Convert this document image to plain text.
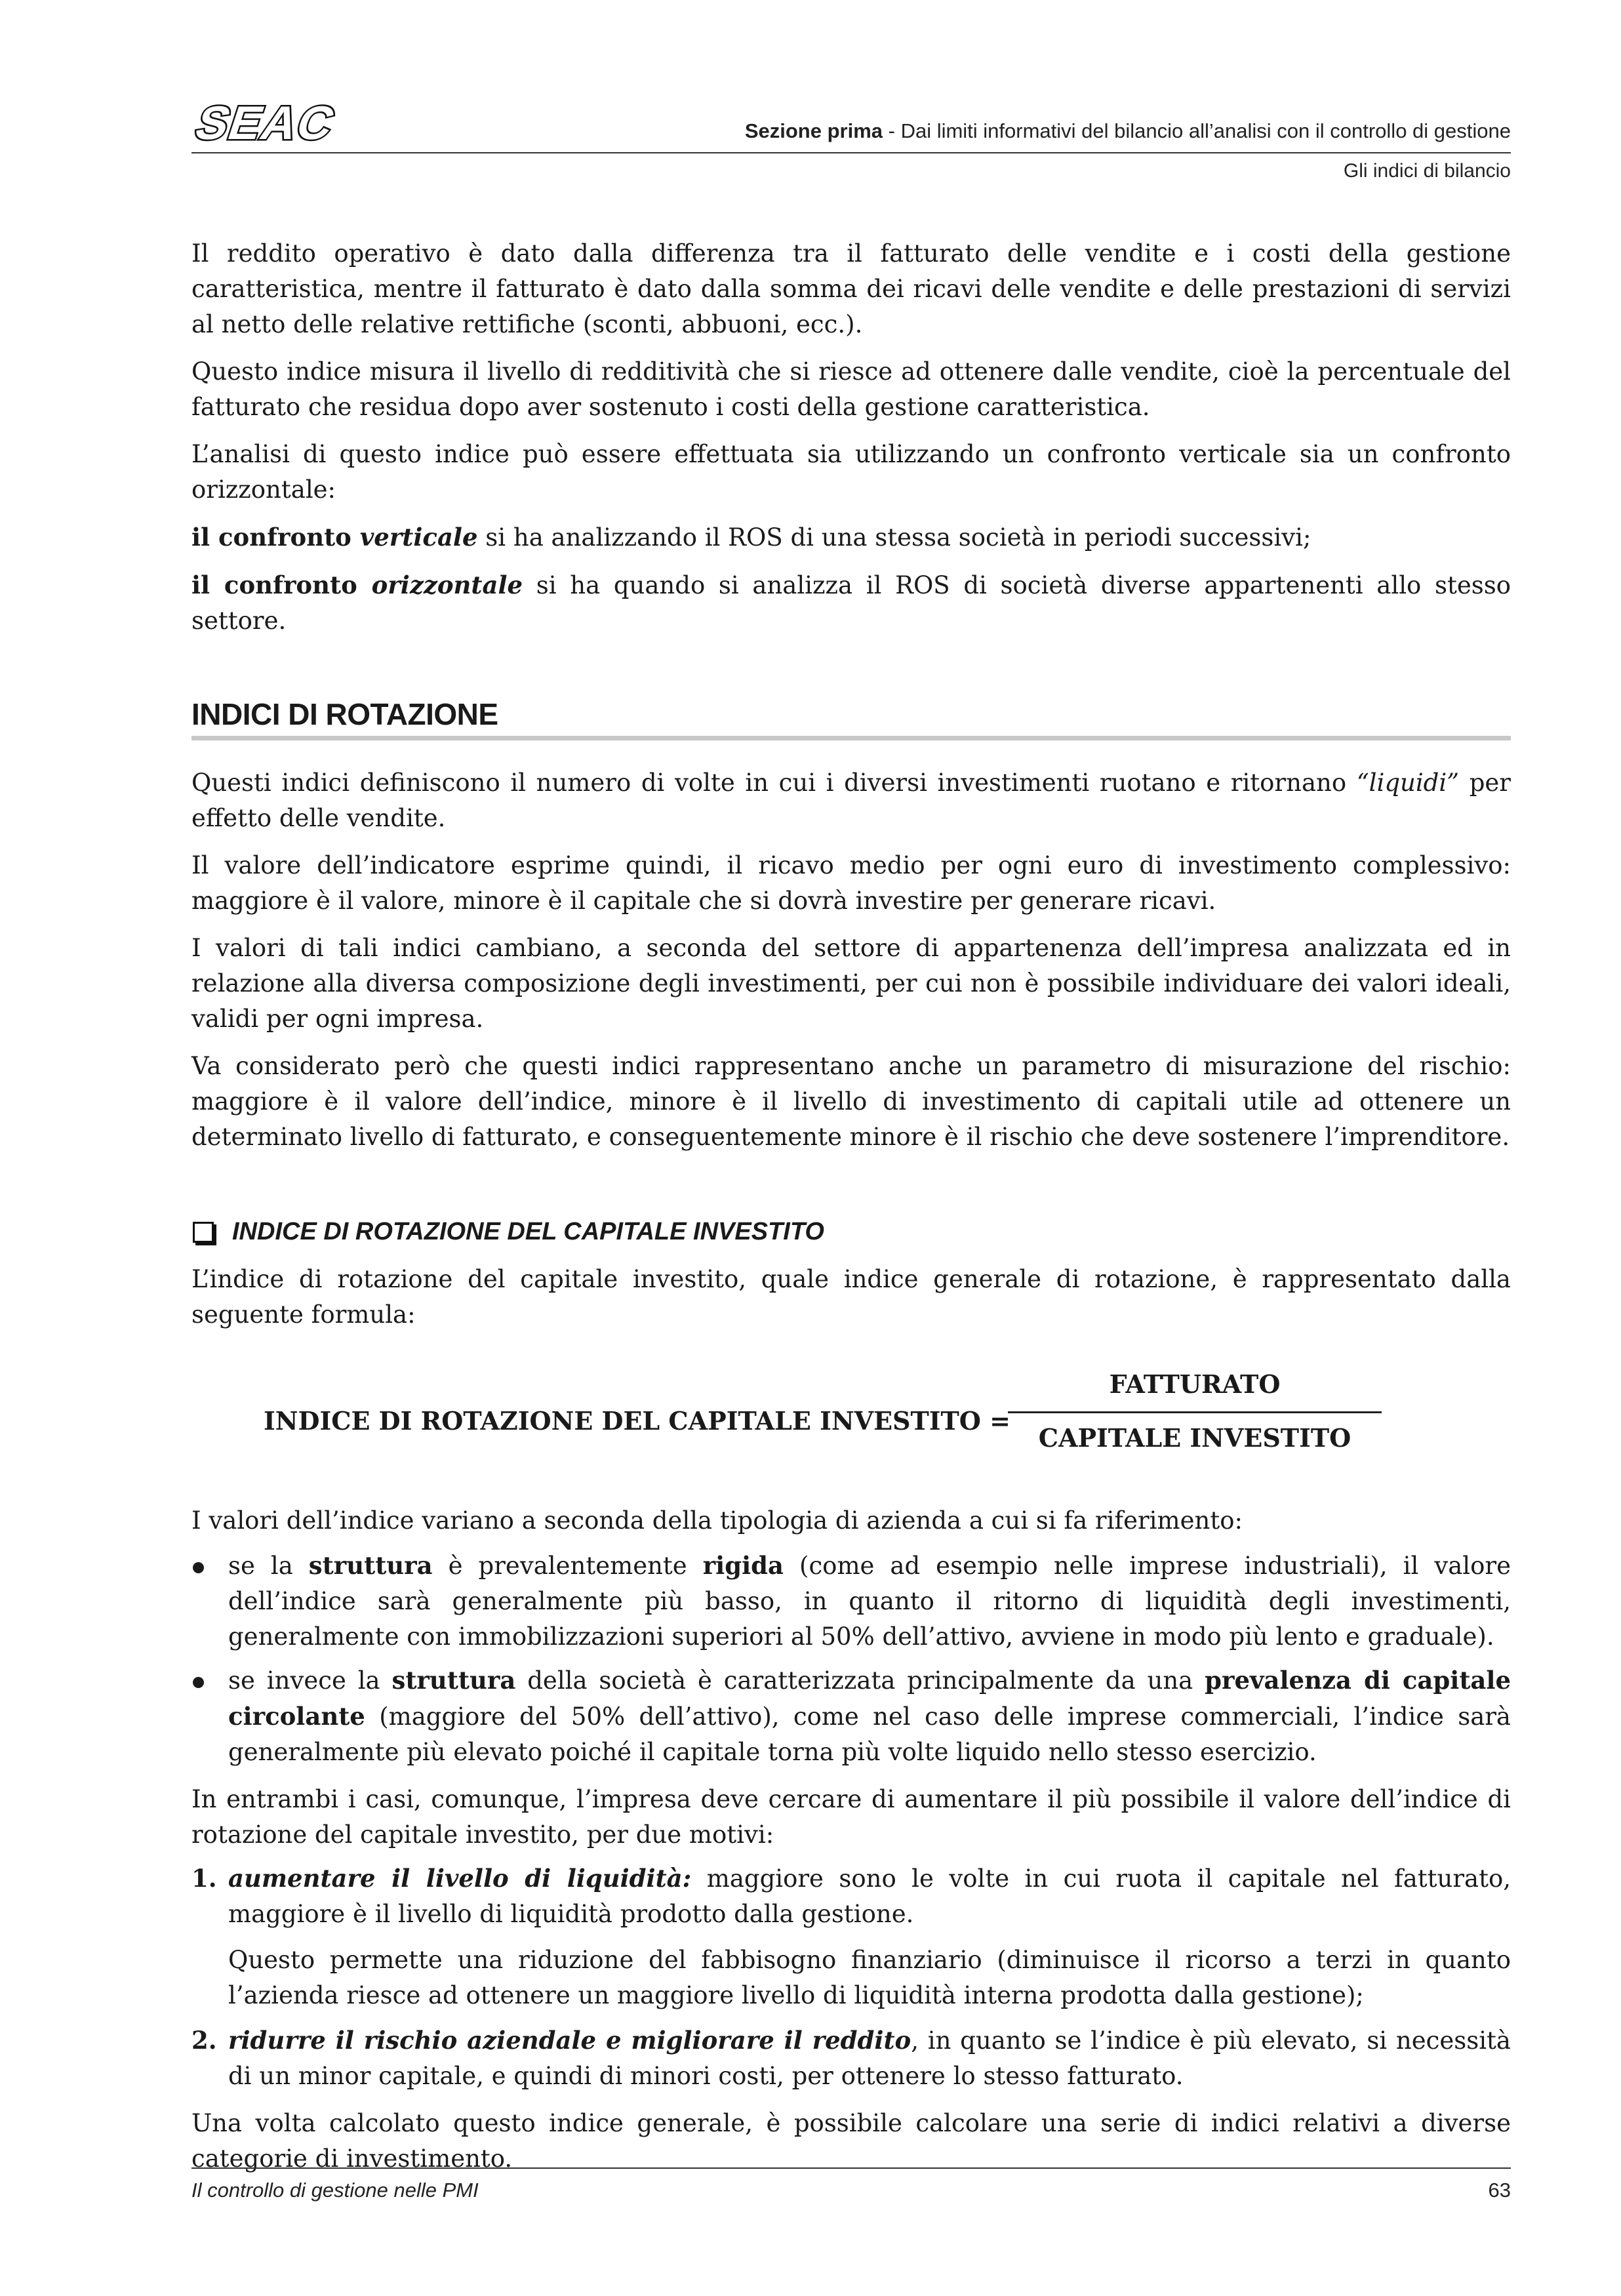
SEAC	Sezione prima - Dai limiti informativi del bilancio all’analisi con il controllo di gestione
Gli indici di bilancio

Il reddito operativo è dato dalla differenza tra il fatturato delle vendite e i costi della gestione caratteristica, mentre il fatturato è dato dalla somma dei ricavi delle vendite e delle prestazioni di servizi al netto delle relative rettifiche (sconti, abbuoni, ecc.).

Questo indice misura il livello di redditività che si riesce ad ottenere dalle vendite, cioè la percentuale del fatturato che residua dopo aver sostenuto i costi della gestione caratteristica.

L’analisi di questo indice può essere effettuata sia utilizzando un confronto verticale sia un confronto orizzontale:

il confronto verticale si ha analizzando il ROS di una stessa società in periodi successivi;

il confronto orizzontale si ha quando si analizza il ROS di società diverse appartenenti allo stesso settore.

INDICI DI ROTAZIONE

Questi indici definiscono il numero di volte in cui i diversi investimenti ruotano e ritornano “liquidi” per effetto delle vendite.

Il valore dell’indicatore esprime quindi, il ricavo medio per ogni euro di investimento complessivo: maggiore è il valore, minore è il capitale che si dovrà investire per generare ricavi.

I valori di tali indici cambiano, a seconda del settore di appartenenza dell’impresa analizzata ed in relazione alla diversa composizione degli investimenti, per cui non è possibile individuare dei valori ideali, validi per ogni impresa.

Va considerato però che questi indici rappresentano anche un parametro di misurazione del rischio: maggiore è il valore dell’indice, minore è il livello di investimento di capitali utile ad ottenere un determinato livello di fatturato, e conseguentemente minore è il rischio che deve sostenere l’imprenditore.

INDICE DI ROTAZIONE DEL CAPITALE INVESTITO

L’indice di rotazione del capitale investito, quale indice generale di rotazione, è rappresentato dalla seguente formula:

INDICE DI ROTAZIONE DEL CAPITALE INVESTITO =
FATTURATO
CAPITALE INVESTITO

I valori dell’indice variano a seconda della tipologia di azienda a cui si fa riferimento:

se la struttura è prevalentemente rigida (come ad esempio nelle imprese industriali), il valore dell’indice sarà generalmente più basso, in quanto il ritorno di liquidità degli investimenti, generalmente con immobilizzazioni superiori al 50% dell’attivo, avviene in modo più lento e graduale).
se invece la struttura della società è caratterizzata principalmente da una prevalenza di capitale circolante (maggiore del 50% dell’attivo), come nel caso delle imprese commerciali, l’indice sarà generalmente più elevato poiché il capitale torna più volte liquido nello stesso esercizio.

In entrambi i casi, comunque, l’impresa deve cercare di aumentare il più possibile il valore dell’indice di rotazione del capitale investito, per due motivi:

1. aumentare il livello di liquidità: maggiore sono le volte in cui ruota il capitale nel fatturato, maggiore è il livello di liquidità prodotto dalla gestione.

Questo permette una riduzione del fabbisogno finanziario (diminuisce il ricorso a terzi in quanto l’azienda riesce ad ottenere un maggiore livello di liquidità interna prodotta dalla gestione);

2. ridurre il rischio aziendale e migliorare il reddito, in quanto se l’indice è più elevato, si necessità di un minor capitale, e quindi di minori costi, per ottenere lo stesso fatturato.

Una volta calcolato questo indice generale, è possibile calcolare una serie di indici relativi a diverse categorie di investimento.

Il controllo di gestione nelle PMI	63
